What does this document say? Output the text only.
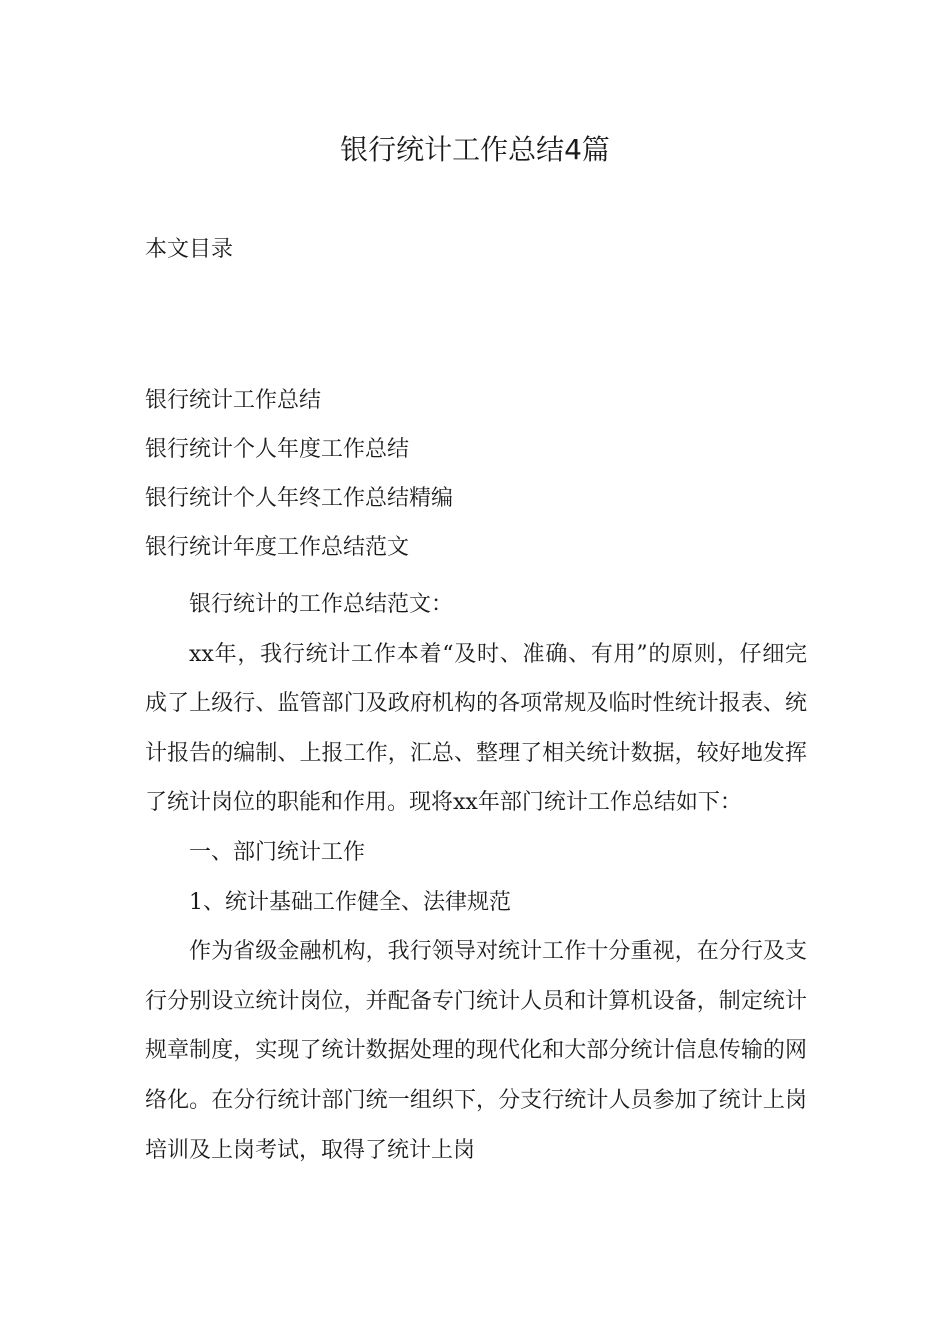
银行统计工作总结4篇
本文目录
银行统计工作总结
银行统计个人年度工作总结
银行统计个人年终工作总结精编
银行统计年度工作总结范文

银行统计的工作总结范文：

xx年，我行统计工作本着“及时、准确、有用”的原则，仔细完成了上级行、监管部门及政府机构的各项常规及临时性统计报表、统计报告的编制、上报工作，汇总、整理了相关统计数据，较好地发挥了统计岗位的职能和作用。现将xx年部门统计工作总结如下：

一、部门统计工作

1、统计基础工作健全、法律规范

作为省级金融机构，我行领导对统计工作十分重视，在分行及支行分别设立统计岗位，并配备专门统计人员和计算机设备，制定统计规章制度，实现了统计数据处理的现代化和大部分统计信息传输的网络化。在分行统计部门统一组织下，分支行统计人员参加了统计上岗培训及上岗考试，取得了统计上岗
